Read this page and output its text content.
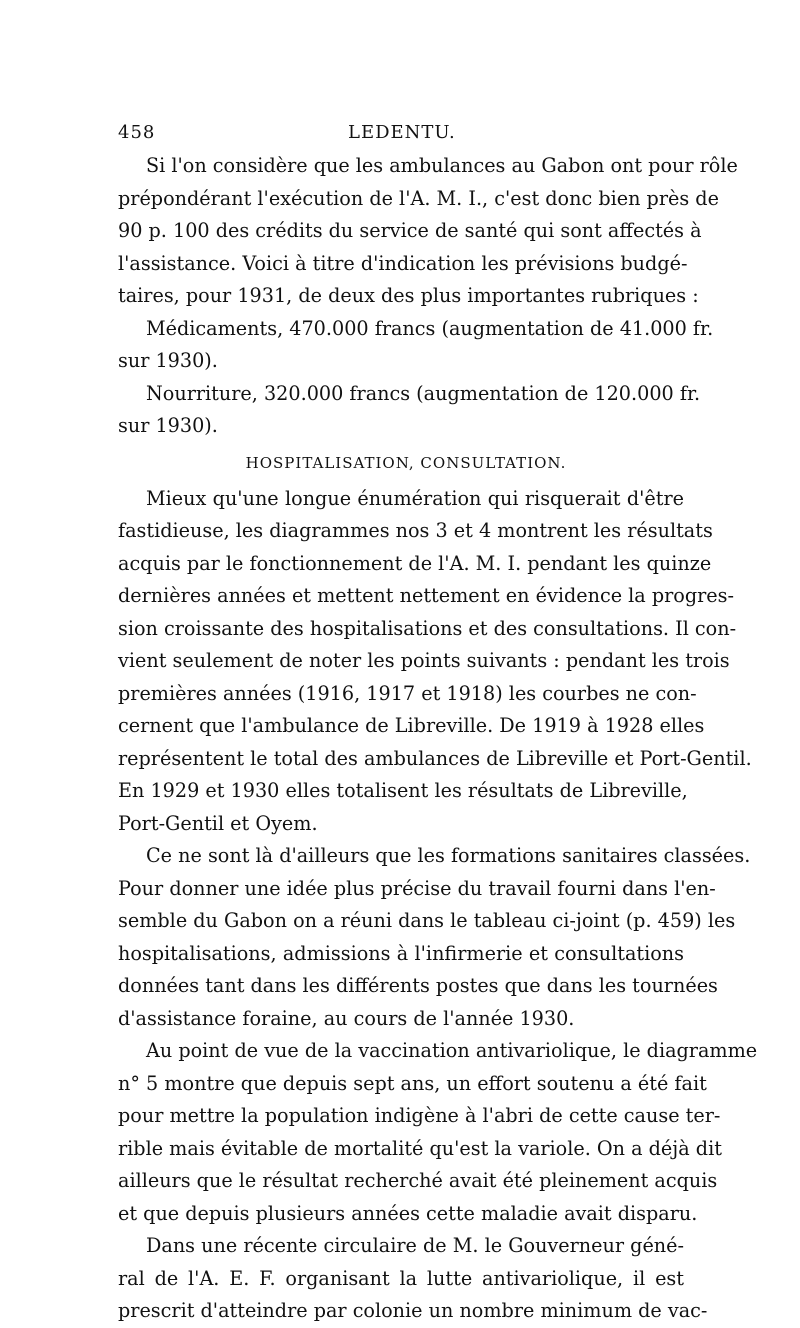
458	LEDENTU.
Si l'on considère que les ambulances au Gabon ont pour rôle
prépondérant l'exécution de l'A. M. I., c'est donc bien près de
90 p. 100 des crédits du service de santé qui sont affectés à
l'assistance. Voici à titre d'indication les prévisions budgé-
taires, pour 1931, de deux des plus importantes rubriques :
Médicaments, 470.000 francs (augmentation de 41.000 fr.
sur 1930).
Nourriture, 320.000 francs (augmentation de 120.000 fr.
sur 1930).
HOSPITALISATION, CONSULTATION.
Mieux qu'une longue énumération qui risquerait d'être
fastidieuse, les diagrammes nos 3 et 4 montrent les résultats
acquis par le fonctionnement de l'A. M. I. pendant les quinze
dernières années et mettent nettement en évidence la progres-
sion croissante des hospitalisations et des consultations. Il con-
vient seulement de noter les points suivants : pendant les trois
premières années (1916, 1917 et 1918) les courbes ne con-
cernent que l'ambulance de Libreville. De 1919 à 1928 elles
représentent le total des ambulances de Libreville et Port-Gentil.
En 1929 et 1930 elles totalisent les résultats de Libreville,
Port-Gentil et Oyem.
Ce ne sont là d'ailleurs que les formations sanitaires classées.
Pour donner une idée plus précise du travail fourni dans l'en-
semble du Gabon on a réuni dans le tableau ci-joint (p. 459) les
hospitalisations, admissions à l'infirmerie et consultations
données tant dans les différents postes que dans les tournées
d'assistance foraine, au cours de l'année 1930.
Au point de vue de la vaccination antivariolique, le diagramme
n° 5 montre que depuis sept ans, un effort soutenu a été fait
pour mettre la population indigène à l'abri de cette cause ter-
rible mais évitable de mortalité qu'est la variole. On a déjà dit
ailleurs que le résultat recherché avait été pleinement acquis
et que depuis plusieurs années cette maladie avait disparu.
Dans une récente circulaire de M. le Gouverneur géné-
ral de l'A. E. F. organisant la lutte antivariolique, il est
prescrit d'atteindre par colonie un nombre minimum de vac-
